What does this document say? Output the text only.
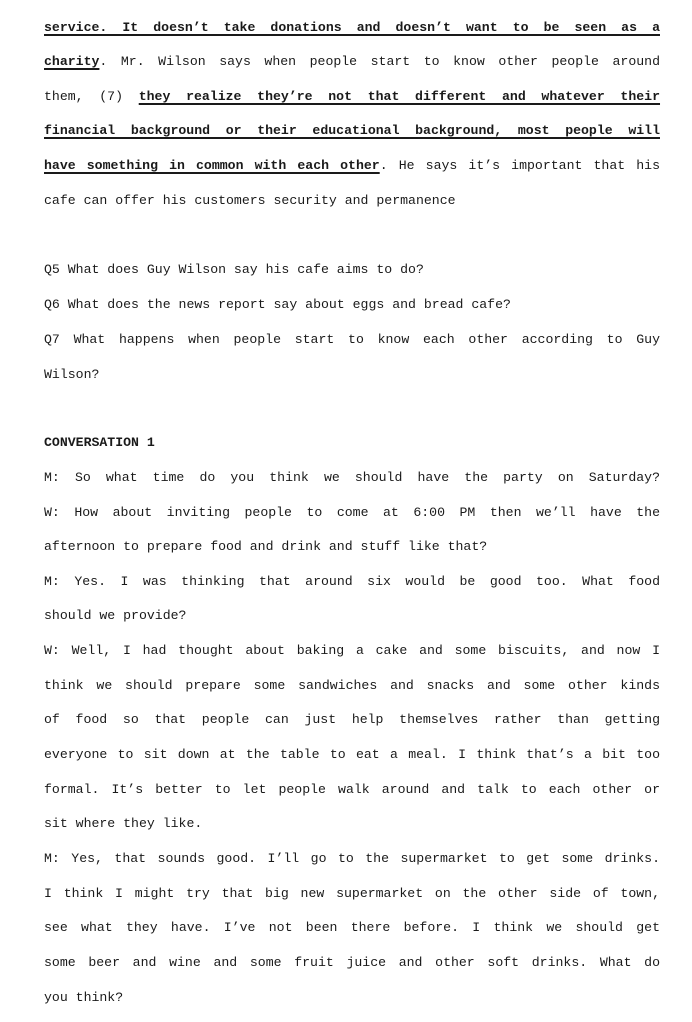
service. It doesn’t take donations and doesn’t want to be seen as a
charity. Mr. Wilson says when people start to know other people around
them, (7) they realize they’re not that different and whatever their
financial background or their educational background, most people will
have something in common with each other. He says it’s important that his
cafe can offer his customers security and permanence
Q5 What does Guy Wilson say his cafe aims to do?
Q6 What does the news report say about eggs and bread cafe?
Q7 What happens when people start to know each other according to Guy
Wilson?
CONVERSATION 1
M: So what time do you think we should have the party on Saturday?
W: How about inviting people to come at 6:00 PM then we’ll have the
afternoon to prepare food and drink and stuff like that?
M: Yes. I was thinking that around six would be good too. What food
should we provide?
W: Well, I had thought about baking a cake and some biscuits, and now I
think we should prepare some sandwiches and snacks and some other kinds
of food so that people can just help themselves rather than getting
everyone to sit down at the table to eat a meal. I think that’s a bit too
formal. It’s better to let people walk around and talk to each other or
sit where they like.
M: Yes, that sounds good. I’ll go to the supermarket to get some drinks.
I think I might try that big new supermarket on the other side of town,
see what they have. I’ve not been there before. I think we should get
some beer and wine and some fruit juice and other soft drinks. What do
you think?
